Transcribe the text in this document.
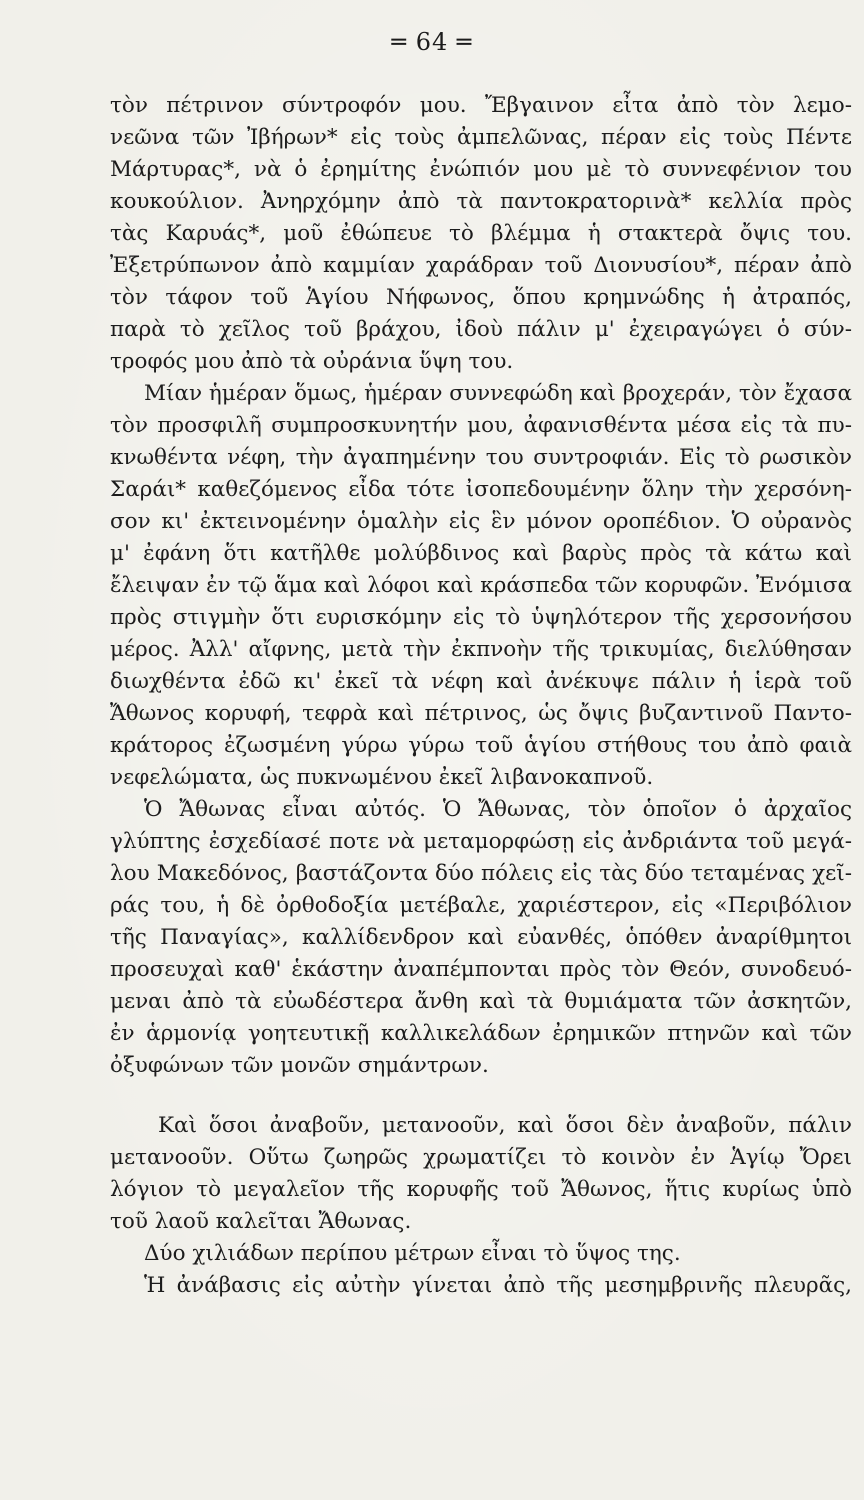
═ 64 ═
τὸν πέτρινον σύντροφόν μου. Ἔβγαινον εἶτα ἀπὸ τὸν λεμο-
νεῶνα τῶν Ἰβήρων* εἰς τοὺς ἀμπελῶνας, πέραν εἰς τοὺς Πέντε
Μάρτυρας*, νὰ ὁ ἐρημίτης ἐνώπιόν μου μὲ τὸ συννεφένιον του
κουκούλιον. Ἀνηρχόμην ἀπὸ τὰ παντοκρατορινὰ* κελλία πρὸς
τὰς Καρυάς*, μοῦ ἐθώπευε τὸ βλέμμα ἡ στακτερὰ ὄψις του.
Ἐξετρύπωνον ἀπὸ καμμίαν χαράδραν τοῦ Διονυσίου*, πέραν ἀπὸ
τὸν τάφον τοῦ Ἁγίου Νήφωνος, ὅπου κρημνώδης ἡ ἀτραπός,
παρὰ τὸ χεῖλος τοῦ βράχου, ἰδοὺ πάλιν μ' ἐχειραγώγει ὁ σύν-
τροφός μου ἀπὸ τὰ οὐράνια ὕψη του.
Μίαν ἡμέραν ὅμως, ἡμέραν συννεφώδη καὶ βροχεράν, τὸν ἔχασα
τὸν προσφιλῆ συμπροσκυνητήν μου, ἀφανισθέντα μέσα εἰς τὰ πυ-
κνωθέντα νέφη, τὴν ἀγαπημένην του συντροφιάν. Εἰς τὸ ρωσικὸν
Σαράι* καθεζόμενος εἶδα τότε ἰσοπεδουμένην ὅλην τὴν χερσόνη-
σον κι' ἐκτεινομένην ὁμαλὴν εἰς ἓν μόνον οροπέδιον. Ὁ οὐρανὸς
μ' ἐφάνη ὅτι κατῆλθε μολύβδινος καὶ βαρὺς πρὸς τὰ κάτω καὶ
ἔλειψαν ἐν τῷ ἅμα καὶ λόφοι καὶ κράσπεδα τῶν κορυφῶν. Ἐνόμισα
πρὸς στιγμὴν ὅτι ευρισκόμην εἰς τὸ ὑψηλότερον τῆς χερσονήσου
μέρος. Ἀλλ' αἴφνης, μετὰ τὴν ἐκπνοὴν τῆς τρικυμίας, διελύθησαν
διωχθέντα ἐδῶ κι' ἐκεῖ τὰ νέφη καὶ ἀνέκυψε πάλιν ἡ ἱερὰ τοῦ
Ἄθωνος κορυφή, τεφρὰ καὶ πέτρινος, ὡς ὄψις βυζαντινοῦ Παντο-
κράτορος ἐζωσμένη γύρω γύρω τοῦ ἁγίου στήθους του ἀπὸ φαιὰ
νεφελώματα, ὡς πυκνωμένου ἐκεῖ λιβανοκαπνοῦ.
Ὁ Ἄθωνας εἶναι αὐτός. Ὁ Ἄθωνας, τὸν ὁποῖον ὁ ἀρχαῖος
γλύπτης ἐσχεδίασέ ποτε νὰ μεταμορφώσῃ εἰς ἀνδριάντα τοῦ μεγά-
λου Μακεδόνος, βαστάζοντα δύο πόλεις εἰς τὰς δύο τεταμένας χεῖ-
ράς του, ἡ δὲ ὀρθοδοξία μετέβαλε, χαριέστερον, εἰς «Περιβόλιον
τῆς Παναγίας», καλλίδενδρον καὶ εὐανθές, ὁπόθεν ἀναρίθμητοι
προσευχαὶ καθ' ἑκάστην ἀναπέμπονται πρὸς τὸν Θεόν, συνοδευό-
μεναι ἀπὸ τὰ εὐωδέστερα ἄνθη καὶ τὰ θυμιάματα τῶν ἀσκητῶν,
ἐν ἁρμονίᾳ γοητευτικῇ καλλικελάδων ἐρημικῶν πτηνῶν καὶ τῶν
ὀξυφώνων τῶν μονῶν σημάντρων.
Καὶ ὅσοι ἀναβοῦν, μετανοοῦν, καὶ ὅσοι δὲν ἀναβοῦν, πάλιν
μετανοοῦν. Οὕτω ζωηρῶς χρωματίζει τὸ κοινὸν ἐν Ἁγίῳ Ὄρει
λόγιον τὸ μεγαλεῖον τῆς κορυφῆς τοῦ Ἄθωνος, ἥτις κυρίως ὑπὸ
τοῦ λαοῦ καλεῖται Ἄθωνας.
Δύο χιλιάδων περίπου μέτρων εἶναι τὸ ὕψος της.
Ἡ ἀνάβασις εἰς αὐτὴν γίνεται ἀπὸ τῆς μεσημβρινῆς πλευρᾶς,
